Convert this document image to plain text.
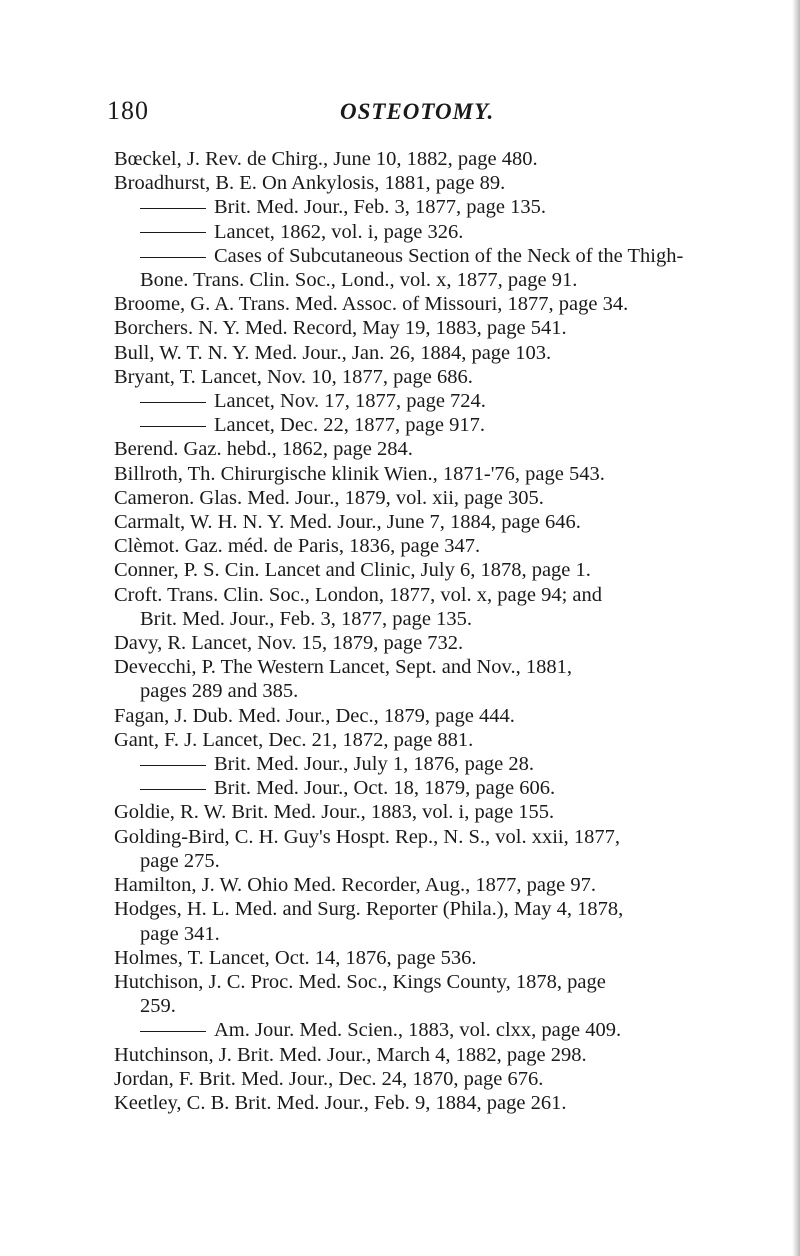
180	OSTEOTOMY.
Bœckel, J. Rev. de Chirg., June 10, 1882, page 480.
Broadhurst, B. E. On Ankylosis, 1881, page 89.
Brit. Med. Jour., Feb. 3, 1877, page 135.
Lancet, 1862, vol. i, page 326.
Cases of Subcutaneous Section of the Neck of the Thigh-
Bone. Trans. Clin. Soc., Lond., vol. x, 1877, page 91.
Broome, G. A. Trans. Med. Assoc. of Missouri, 1877, page 34.
Borchers. N. Y. Med. Record, May 19, 1883, page 541.
Bull, W. T. N. Y. Med. Jour., Jan. 26, 1884, page 103.
Bryant, T. Lancet, Nov. 10, 1877, page 686.
Lancet, Nov. 17, 1877, page 724.
Lancet, Dec. 22, 1877, page 917.
Berend. Gaz. hebd., 1862, page 284.
Billroth, Th. Chirurgische klinik Wien., 1871-'76, page 543.
Cameron. Glas. Med. Jour., 1879, vol. xii, page 305.
Carmalt, W. H. N. Y. Med. Jour., June 7, 1884, page 646.
Clèmot. Gaz. méd. de Paris, 1836, page 347.
Conner, P. S. Cin. Lancet and Clinic, July 6, 1878, page 1.
Croft. Trans. Clin. Soc., London, 1877, vol. x, page 94; and
Brit. Med. Jour., Feb. 3, 1877, page 135.
Davy, R. Lancet, Nov. 15, 1879, page 732.
Devecchi, P. The Western Lancet, Sept. and Nov., 1881,
pages 289 and 385.
Fagan, J. Dub. Med. Jour., Dec., 1879, page 444.
Gant, F. J. Lancet, Dec. 21, 1872, page 881.
Brit. Med. Jour., July 1, 1876, page 28.
Brit. Med. Jour., Oct. 18, 1879, page 606.
Goldie, R. W. Brit. Med. Jour., 1883, vol. i, page 155.
Golding-Bird, C. H. Guy's Hospt. Rep., N. S., vol. xxii, 1877,
page 275.
Hamilton, J. W. Ohio Med. Recorder, Aug., 1877, page 97.
Hodges, H. L. Med. and Surg. Reporter (Phila.), May 4, 1878,
page 341.
Holmes, T. Lancet, Oct. 14, 1876, page 536.
Hutchison, J. C. Proc. Med. Soc., Kings County, 1878, page
259.
Am. Jour. Med. Scien., 1883, vol. clxx, page 409.
Hutchinson, J. Brit. Med. Jour., March 4, 1882, page 298.
Jordan, F. Brit. Med. Jour., Dec. 24, 1870, page 676.
Keetley, C. B. Brit. Med. Jour., Feb. 9, 1884, page 261.
